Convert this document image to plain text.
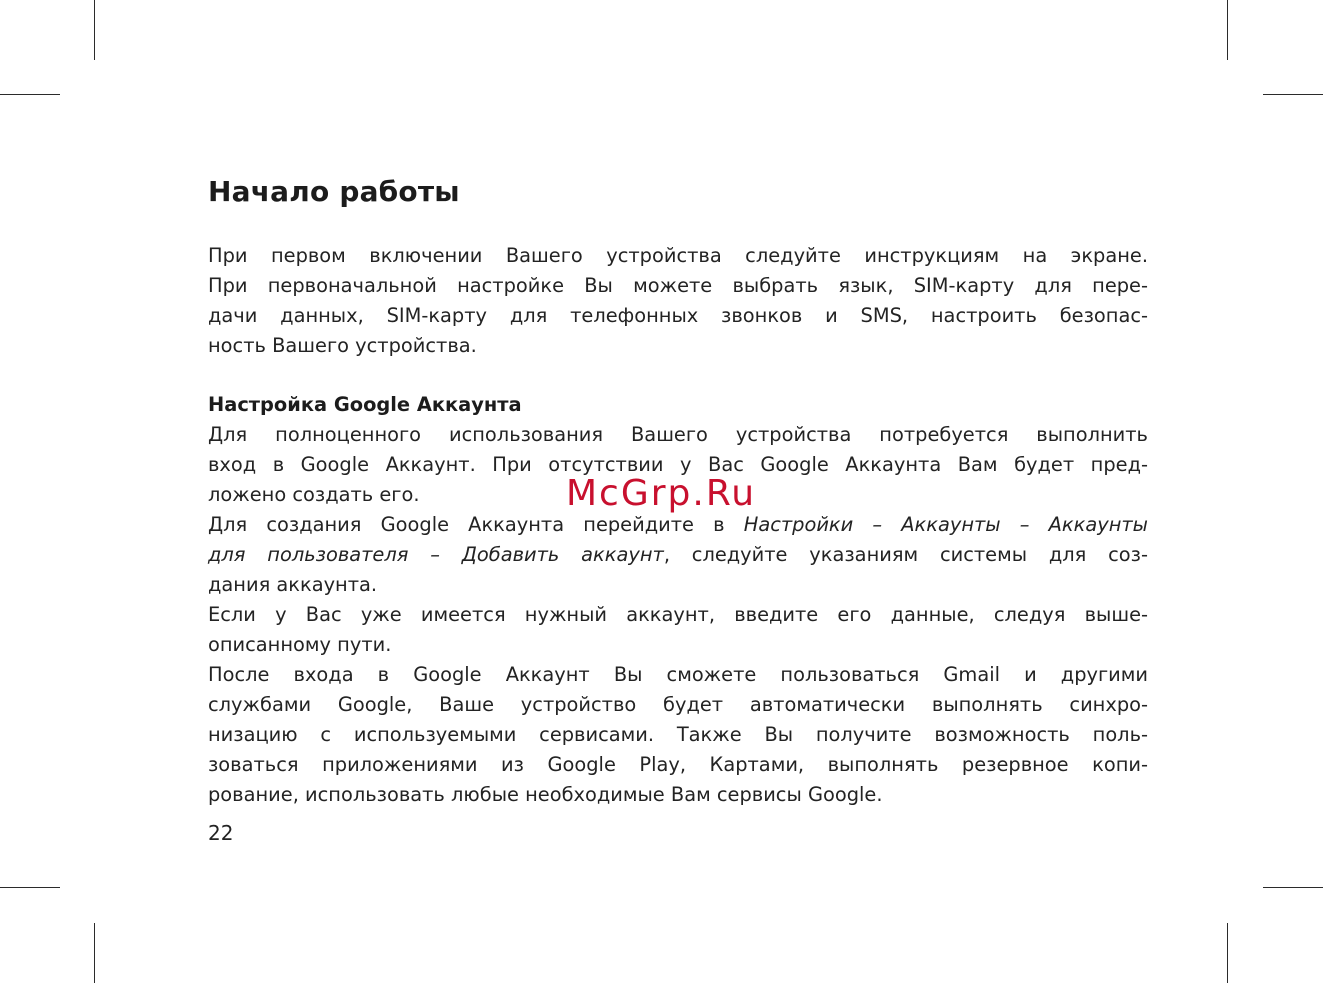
Начало работы

При первом включении Вашего устройства следуйте инструкциям на экране.
При первоначальной настройке Вы можете выбрать язык, SIM-карту для пере-
дачи данных, SIM-карту для телефонных звонков и SMS, настроить безопас-
ность Вашего устройства.

Настройка Google Аккаунта

Для полноценного использования Вашего устройства потребуется выполнить
вход в Google Аккаунт. При отсутствии у Вас Google Аккаунта Вам будет пред-
ложено создать его.

Для создания Google Аккаунта перейдите в Настройки – Аккаунты – Аккаунты
для пользователя – Добавить аккаунт, следуйте указаниям системы для соз-
дания аккаунта.

Если у Вас уже имеется нужный аккаунт, введите его данные, следуя выше-
описанному пути.

После входа в Google Аккаунт Вы сможете пользоваться Gmail и другими
службами Google, Ваше устройство будет автоматически выполнять синхро-
низацию с используемыми сервисами. Также Вы получите возможность поль-
зоваться приложениями из Google Play, Картами, выполнять резервное копи-
рование, использовать любые необходимые Вам сервисы Google.

McGrp.Ru
22
